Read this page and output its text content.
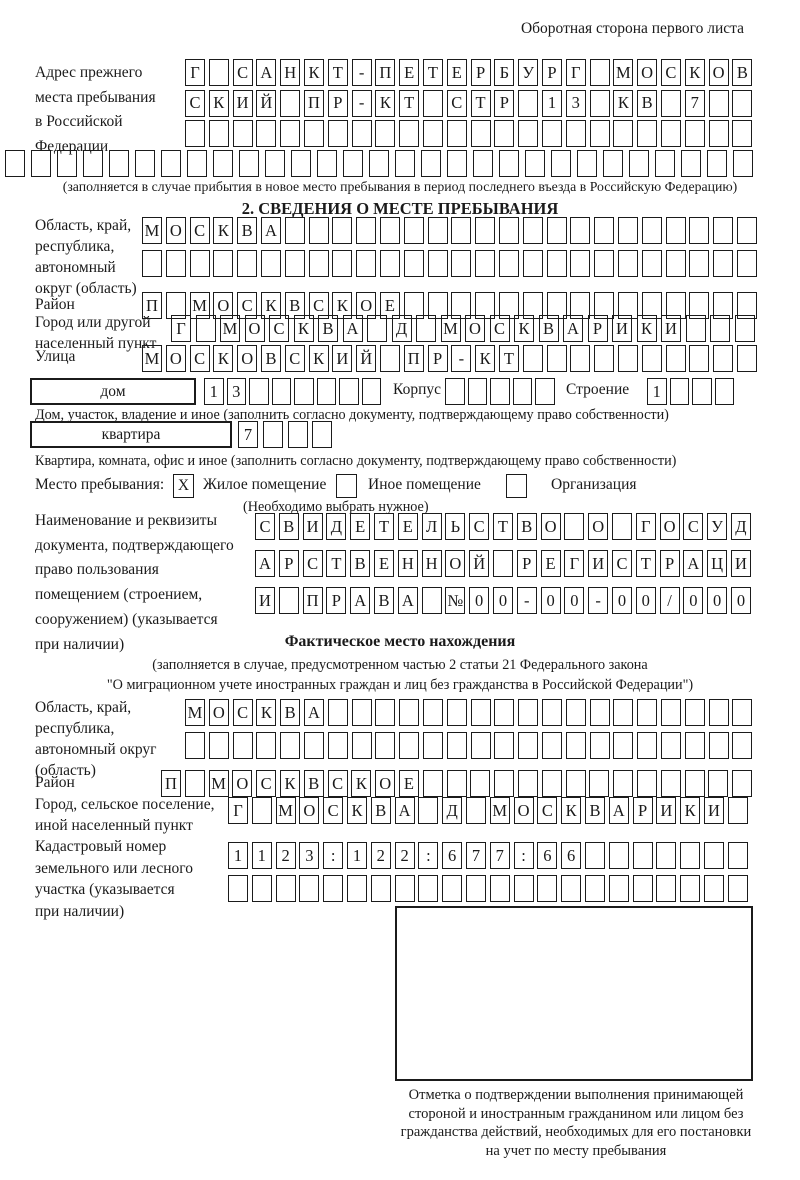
Оборотная сторона первого листа
Адрес прежнего
места пребывания
в Российской
Федерации
Г	С А Н К Т - П Е Т Е Р Б У Р Г	М О С К О В
С К И Й П Р - К Т	С Т Р	1 3	К В	7
(заполняется в случае прибытия в новое место пребывания в период последнего въезда в Российскую Федерацию)
2. СВЕДЕНИЯ О МЕСТЕ ПРЕБЫВАНИЯ
Область, край,
республика,
автономный
округ (область)
М О С К В А
Район	П М О С К В С К О Е
Город или другой
населенный пункт
Г	М О С К В А Д М О С К В А Р И К И
Улица	М О С К О В С К И Й П Р - К Т
дом	1 3	Корпус	Строение	1
Дом, участок, владение и иное (заполнить согласно документу, подтверждающему право собственности)
квартира	7
Квартира, комната, офис и иное (заполнить согласно документу, подтверждающему право собственности)
Место пребывания: X Жилое помещение	Иное помещение	Организация
(Необходимо выбрать нужное)
Наименование и реквизиты
документа, подтверждающего
право пользования
помещением (строением,
сооружением) (указывается
при наличии)
С В И Д Е Т Е Л Ь С Т В О О	Г О С У Д
А Р С Т В Е Н Н О Й	Р Е Г И С Т Р А Ц И
И П Р А В А № 0 0	-	0 0	-	0 0	/	0 0 0
Фактическое место нахождения
(заполняется в случае, предусмотренном частью 2 статьи 21 Федерального закона
"О миграционном учете иностранных граждан и лиц без гражданства в Российской Федерации")
Область, край,
республика,
автономный округ
(область)
М О С К В А
Район	П М О С К В С К О Е
Город, сельское поселение,
иной населенный пункт
Г	М О С К В А Д М О С К В А Р И К И
Кадастровый номер
земельного или лесного
участка (указывается
при наличии)
1 1 2 3	:	1 2 2	:	6 7 7	:	6 6
Отметка о подтверждении выполнения принимающей
стороной и иностранным гражданином или лицом без
гражданства действий, необходимых для его постановки
на учет по месту пребывания
